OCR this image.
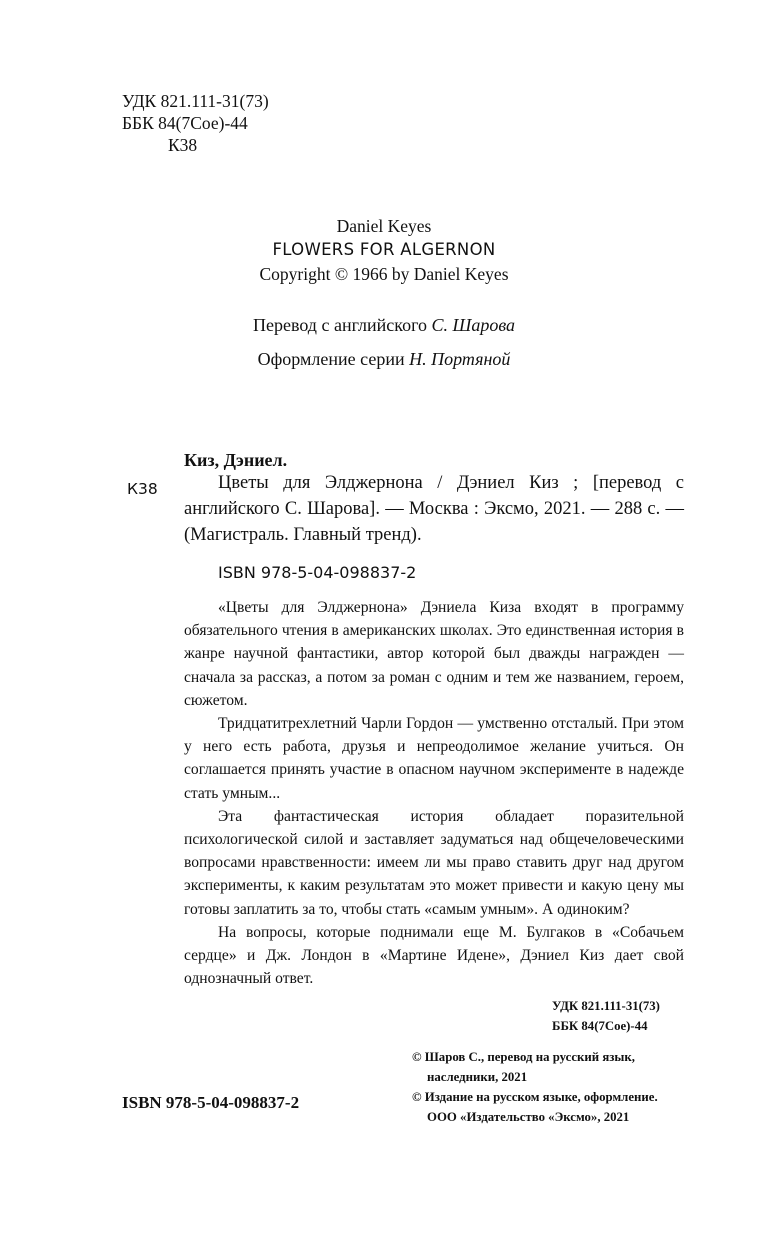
УДК 821.111-31(73)
ББК 84(7Сое)-44
К38
Daniel Keyes
FLOWERS FOR ALGERNON
Copyright © 1966 by Daniel Keyes
Перевод с английского С. Шарова
Оформление серии Н. Портяной
Киз, Дэниел.
К38	Цветы для Элджернона / Дэниел Киз ; [перевод с английского С. Шарова]. — Москва : Эксмо, 2021. — 288 с. — (Магистраль. Главный тренд).
ISBN 978-5-04-098837-2

«Цветы для Элджернона» Дэниела Киза входят в программу обязательного чтения в американских школах. Это единственная история в жанре научной фантастики, автор которой был дважды награжден — сначала за рассказ, а потом за роман с одним и тем же названием, героем, сюжетом.

Тридцатитрехлетний Чарли Гордон — умственно отсталый. При этом у него есть работа, друзья и непреодолимое желание учиться. Он соглашается принять участие в опасном научном эксперименте в надежде стать умным...

Эта фантастическая история обладает поразительной психологической силой и заставляет задуматься над общечеловеческими вопросами нравственности: имеем ли мы право ставить друг над другом эксперименты, к каким результатам это может привести и какую цену мы готовы заплатить за то, чтобы стать «самым умным». А одиноким?

На вопросы, которые поднимали еще М. Булгаков в «Собачьем сердце» и Дж. Лондон в «Мартине Идене», Дэниел Киз дает свой однозначный ответ.

УДК 821.111-31(73)
ББК 84(7Сое)-44
© Шаров С., перевод на русский язык,
наследники, 2021
© Издание на русском языке, оформление.
ООО «Издательство «Эксмо», 2021
ISBN 978-5-04-098837-2
